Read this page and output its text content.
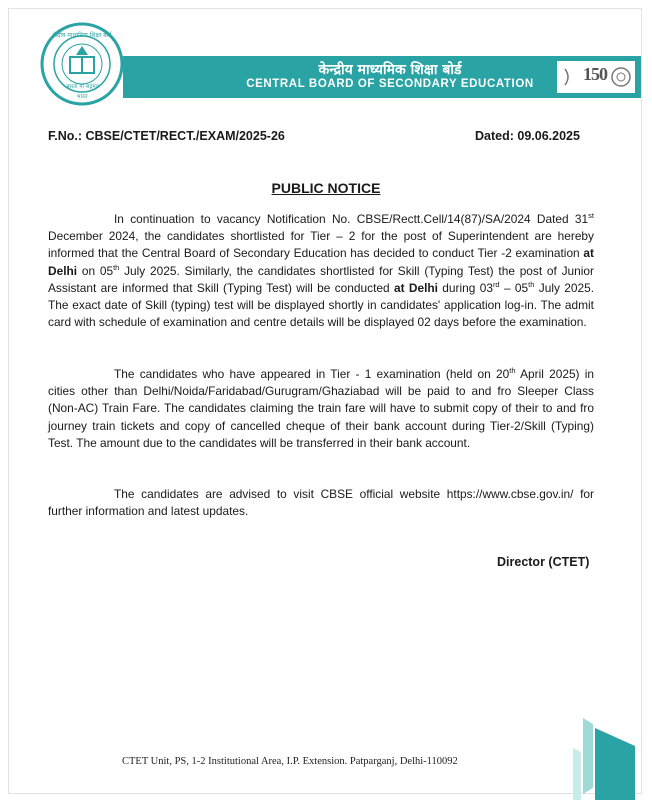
केंद्रीय माध्यमिक शिक्षा बोर्ड
असतो मा सद्गमय
भारत
केन्द्रीय माध्यमिक शिक्षा बोर्ड
CENTRAL BOARD OF SECONDARY EDUCATION	150
F.No.: CBSE/CTET/RECT./EXAM/2025-26	Dated: 09.06.2025
PUBLIC NOTICE

In continuation to vacancy Notification No. CBSE/Rectt.Cell/14(87)/SA/2024 Dated 31st December 2024, the candidates shortlisted for Tier – 2 for the post of Superintendent are hereby informed that the Central Board of Secondary Education has decided to conduct Tier -2 examination at Delhi on 05th July 2025. Similarly, the candidates shortlisted for Skill (Typing Test) the post of Junior Assistant are informed that Skill (Typing Test) will be conducted at Delhi during 03rd – 05th July 2025. The exact date of Skill (typing) test will be displayed shortly in candidates' application log-in. The admit card with schedule of examination and centre details will be displayed 02 days before the examination.

The candidates who have appeared in Tier - 1 examination (held on 20th April 2025) in cities other than Delhi/Noida/Faridabad/Gurugram/Ghaziabad will be paid to and fro Sleeper Class (Non-AC) Train Fare. The candidates claiming the train fare will have to submit copy of their to and fro journey train tickets and copy of cancelled cheque of their bank account during Tier-2/Skill (Typing) Test. The amount due to the candidates will be transferred in their bank account.

The candidates are advised to visit CBSE official website https://www.cbse.gov.in/ for further information and latest updates.

Director (CTET)
CTET Unit, PS, 1-2 Institutional Area, I.P. Extension. Patparganj, Delhi-110092
